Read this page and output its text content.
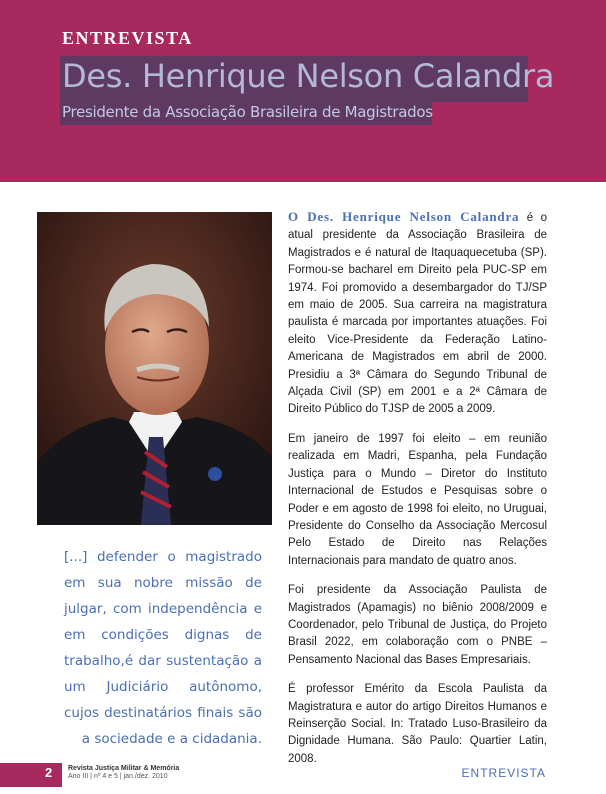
ENTREVISTA
Des. Henrique Nelson Calandra
Presidente da Associação Brasileira de Magistrados
[...] defender o magistrado em sua nobre missão de julgar, com independência e em condições dignas de trabalho,é dar sustentação a um Judiciário autônomo, cujos destinatários finais são a sociedade e a cidadania.

O Des. Henrique Nelson Calandra é o atual presidente da Associação Brasileira de Magistrados e é natural de Itaquaquecetuba (SP). Formou-se bacharel em Direito pela PUC-SP em 1974. Foi promovido a desembargador do TJ/SP em maio de 2005. Sua carreira na magistratura paulista é marcada por importantes atuações. Foi eleito Vice-Presidente da Federação Latino-Americana de Magistrados em abril de 2000. Presidiu a 3ª Câmara do Segundo Tribunal de Alçada Civil (SP) em 2001 e a 2ª Câmara de Direito Público do TJSP de 2005 a 2009.

Em janeiro de 1997 foi eleito – em reunião realizada em Madri, Espanha, pela Fundação Justiça para o Mundo – Diretor do Instituto Internacional de Estudos e Pesquisas sobre o Poder e em agosto de 1998 foi eleito, no Uruguai, Presidente do Conselho da Associação Mercosul Pelo Estado de Direito nas Relações Internacionais para mandato de quatro anos.

Foi presidente da Associação Paulista de Magistrados (Apamagis) no biênio 2008/2009 e Coordenador, pelo Tribunal de Justiça, do Projeto Brasil 2022, em colaboração com o PNBE – Pensamento Nacional das Bases Empresariais.

É professor Emérito da Escola Paulista da Magistratura e autor do artigo Direitos Humanos e Reinserção Social. In: Tratado Luso-Brasileiro da Dignidade Humana. São Paulo: Quartier Latin, 2008.

2 Revista Justiça Militar & Memória
Ano III | nº 4 e 5 | jan./dez. 2010	ENTREVISTA
